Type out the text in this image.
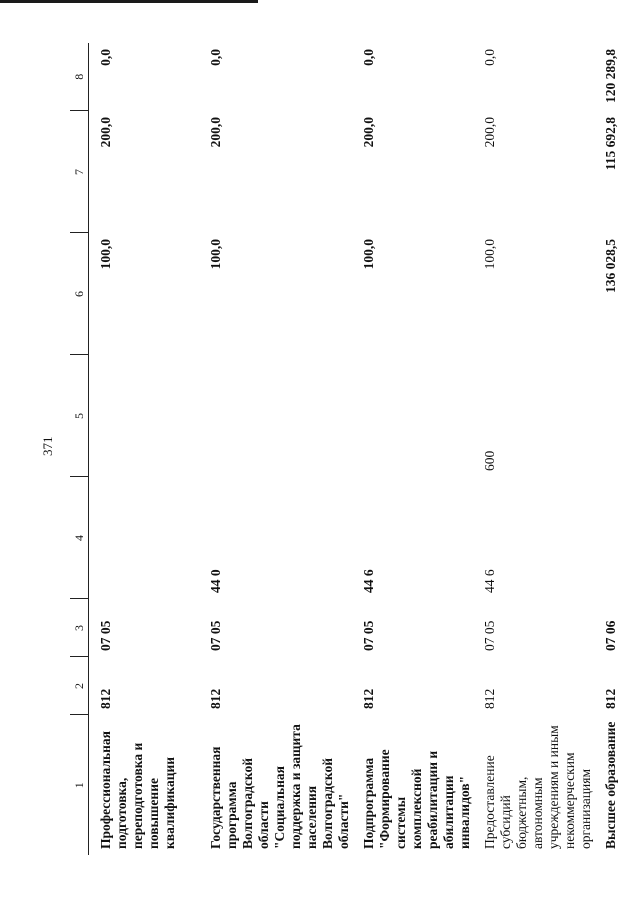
371
1	2	3	4	5	6	7	8
Профессиональная подготовка, переподготовка и повышение квалификации	812	07 05			100,0	200,0	0,0
Государственная программа Волгоградской области "Социальная поддержка и защита населения Волгоградской области"	812	07 05	44 0		100,0	200,0	0,0
Подпрограмма "Формирование системы комплексной реабилитации и абилитации инвалидов"	812	07 05	44 6		100,0	200,0	0,0
Предоставление субсидий бюджетным, автономным учреждениям и иным некоммерческим организациям	812	07 05	44 6	600	100,0	200,0	0,0
Высшее образование	812	07 06			136 028,5	115 692,8	120 289,8
